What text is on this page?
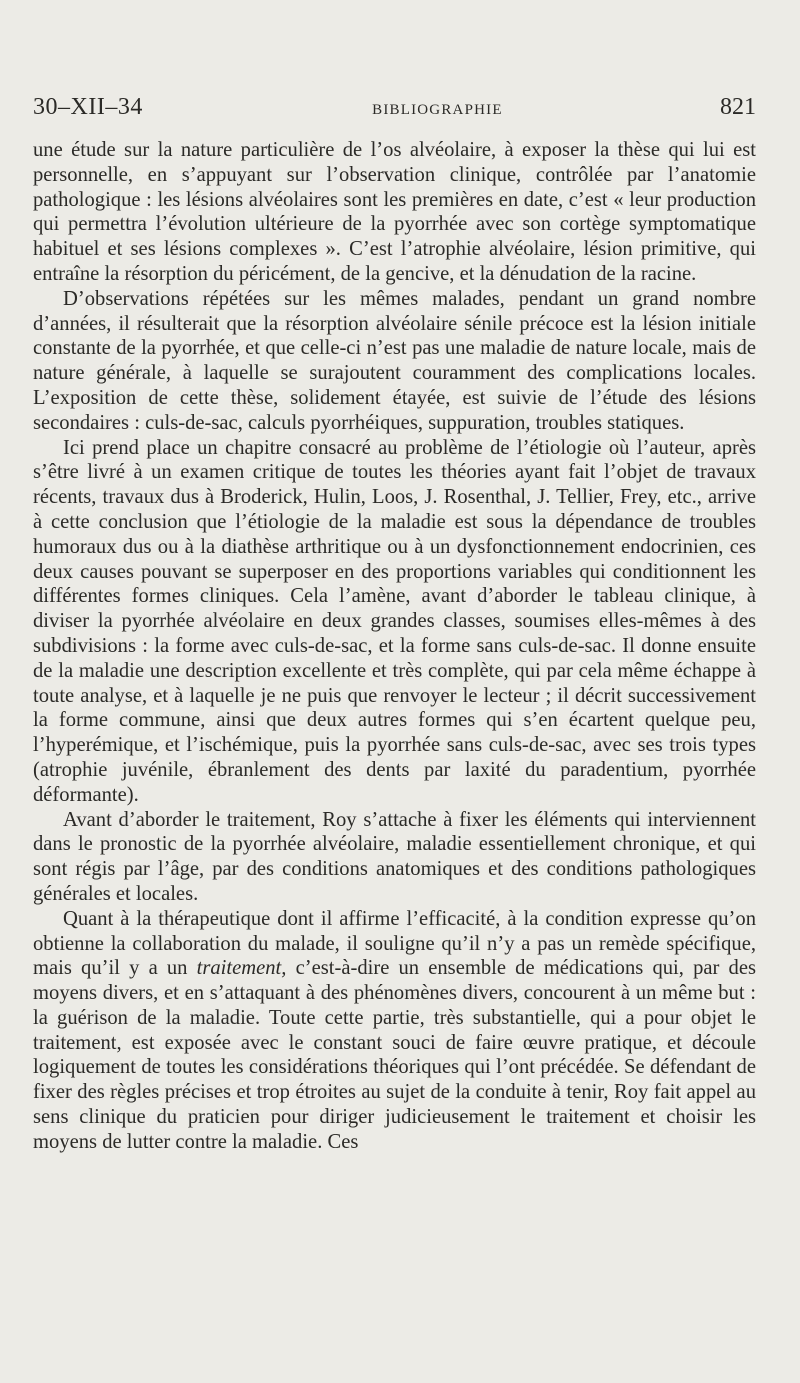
30–XII–34	BIBLIOGRAPHIE	821

une étude sur la nature particulière de l’os alvéolaire, à exposer la thèse qui lui est personnelle, en s’appuyant sur l’observation clinique, contrôlée par l’anatomie pathologique : les lésions alvéolaires sont les premières en date, c’est « leur production qui permettra l’évolution ultérieure de la pyorrhée avec son cortège symptomatique habituel et ses lésions complexes ». C’est l’atrophie alvéolaire, lésion primitive, qui entraîne la résorption du péricément, de la gencive, et la dénudation de la racine.

D’observations répétées sur les mêmes malades, pendant un grand nombre d’années, il résulterait que la résorption alvéolaire sénile précoce est la lésion initiale constante de la pyorrhée, et que celle-ci n’est pas une maladie de nature locale, mais de nature générale, à laquelle se surajoutent couramment des complications locales. L’exposition de cette thèse, solidement étayée, est suivie de l’étude des lésions secondaires : culs-de-sac, calculs pyorrhéiques, suppuration, troubles statiques.

Ici prend place un chapitre consacré au problème de l’étiologie où l’auteur, après s’être livré à un examen critique de toutes les théories ayant fait l’objet de travaux récents, travaux dus à Broderick, Hulin, Loos, J. Rosenthal, J. Tellier, Frey, etc., arrive à cette conclusion que l’étiologie de la maladie est sous la dépendance de troubles humoraux dus ou à la diathèse arthritique ou à un dysfonctionnement endocrinien, ces deux causes pouvant se superposer en des proportions variables qui conditionnent les différentes formes cliniques. Cela l’amène, avant d’aborder le tableau clinique, à diviser la pyorrhée alvéolaire en deux grandes classes, soumises elles-mêmes à des subdivisions : la forme avec culs-de-sac, et la forme sans culs-de-sac. Il donne ensuite de la maladie une description excellente et très complète, qui par cela même échappe à toute analyse, et à laquelle je ne puis que renvoyer le lecteur ; il décrit successivement la forme commune, ainsi que deux autres formes qui s’en écartent quelque peu, l’hyperémique, et l’ischémique, puis la pyorrhée sans culs-de-sac, avec ses trois types (atrophie juvénile, ébranlement des dents par laxité du paradentium, pyorrhée déformante).

Avant d’aborder le traitement, Roy s’attache à fixer les éléments qui interviennent dans le pronostic de la pyorrhée alvéolaire, maladie essentiellement chronique, et qui sont régis par l’âge, par des conditions anatomiques et des conditions pathologiques générales et locales.

Quant à la thérapeutique dont il affirme l’efficacité, à la condition expresse qu’on obtienne la collaboration du malade, il souligne qu’il n’y a pas un remède spécifique, mais qu’il y a un traitement, c’est-à-dire un ensemble de médications qui, par des moyens divers, et en s’attaquant à des phénomènes divers, concourent à un même but : la guérison de la maladie. Toute cette partie, très substantielle, qui a pour objet le traitement, est exposée avec le constant souci de faire œuvre pratique, et découle logiquement de toutes les considérations théoriques qui l’ont précédée. Se défendant de fixer des règles précises et trop étroites au sujet de la conduite à tenir, Roy fait appel au sens clinique du praticien pour diriger judicieusement le traitement et choisir les moyens de lutter contre la maladie. Ces
